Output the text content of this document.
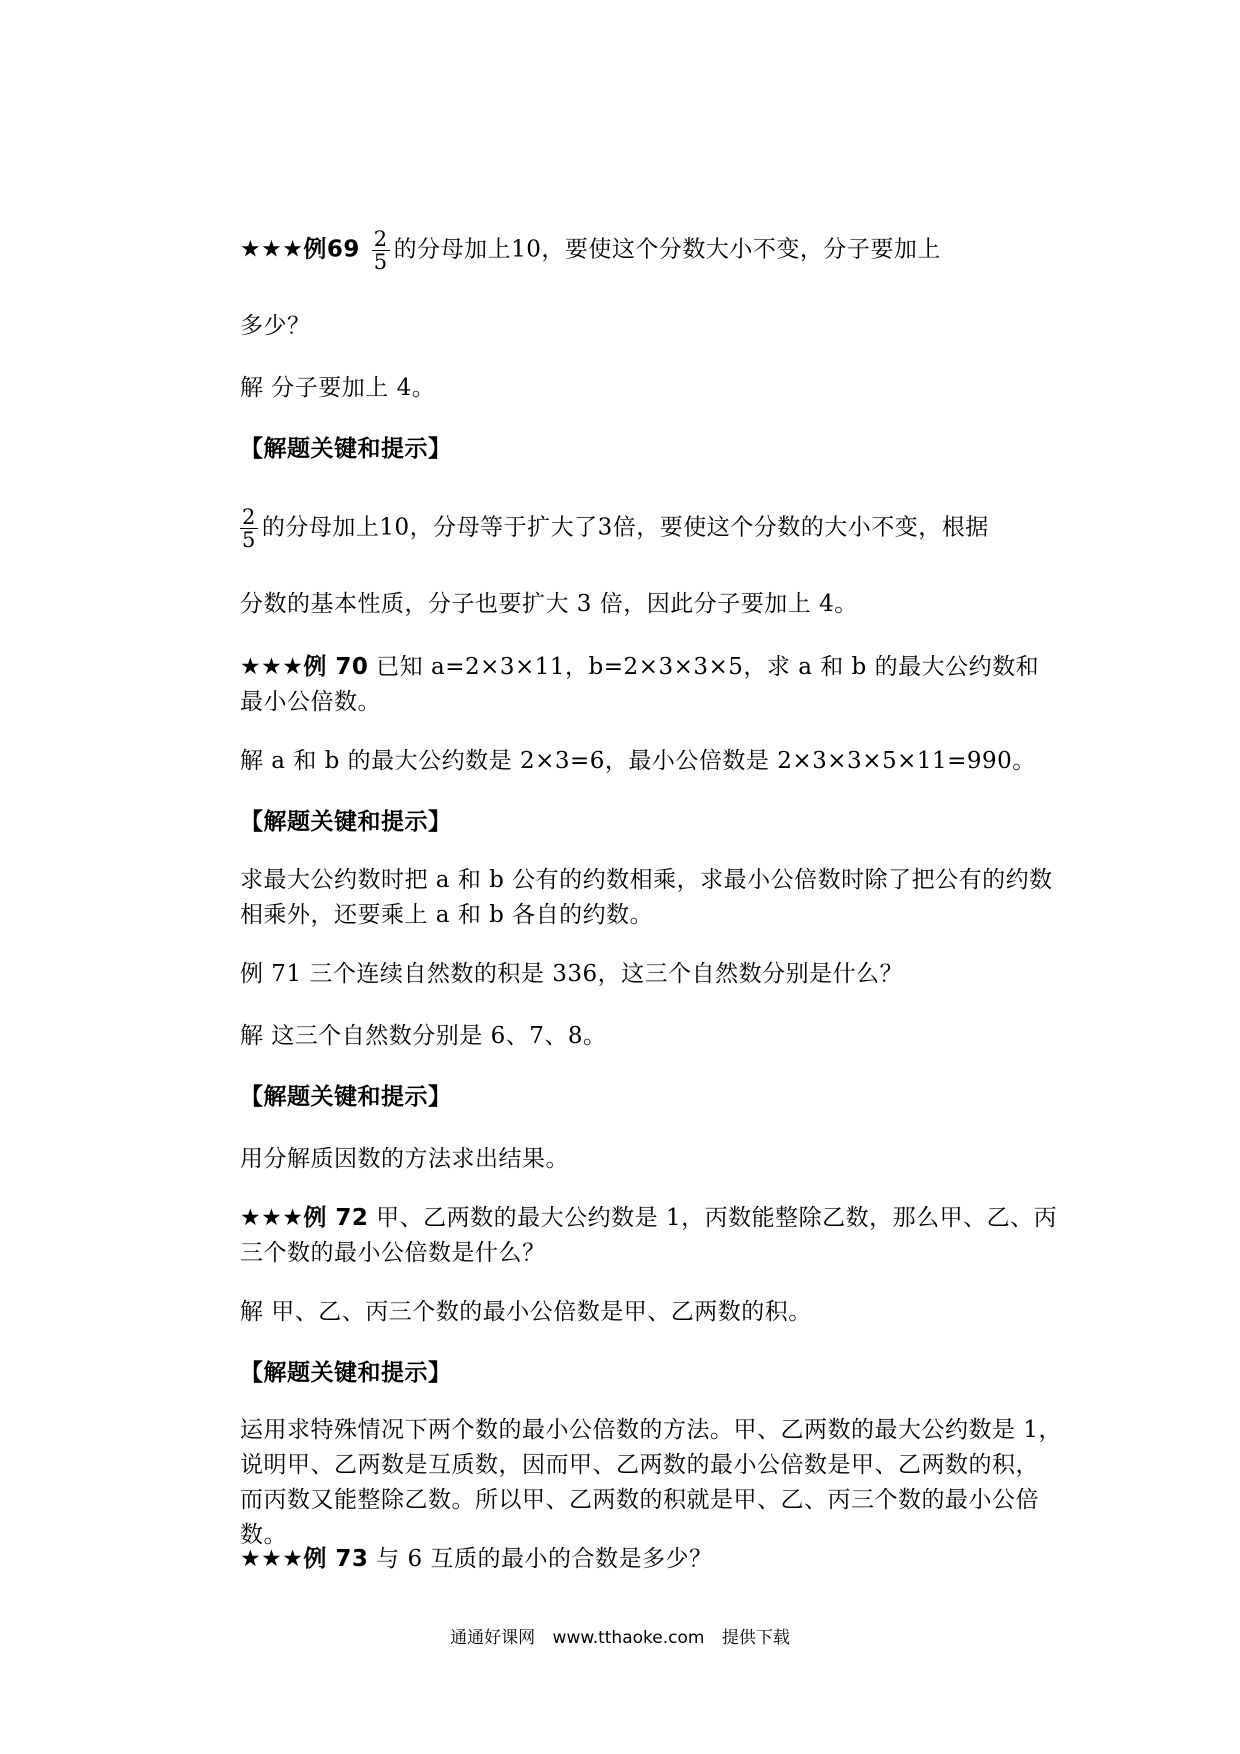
★★★例$69 \frac{2}{5}$ 的分母加上10，要使这个分数大小不变，分子要加上
多少？
解 分子要加上 4。
【解题关键和提示】
$\frac{2}{5}$ 的分母加上10，分母等于扩大了3倍，要使这个分数的大小不变，根据
分数的基本性质，分子也要扩大 3 倍，因此分子要加上 4。
★★★例 70 已知 a=2×3×11，b=2×3×3×5，求 a 和 b 的最大公约数和最小公倍数。
解 a 和 b 的最大公约数是 2×3=6，最小公倍数是 2×3×3×5×11=990。
【解题关键和提示】
求最大公约数时把 a 和 b 公有的约数相乘，求最小公倍数时除了把公有的约数相乘外，还要乘上 a 和 b 各自的约数。
例 71 三个连续自然数的积是 336，这三个自然数分别是什么？
解 这三个自然数分别是 6、7、8。
【解题关键和提示】
用分解质因数的方法求出结果。
★★★例 72 甲、乙两数的最大公约数是 1，丙数能整除乙数，那么甲、乙、丙三个数的最小公倍数是什么？
解 甲、乙、丙三个数的最小公倍数是甲、乙两数的积。
【解题关键和提示】
运用求特殊情况下两个数的最小公倍数的方法。甲、乙两数的最大公约数是 1，说明甲、乙两数是互质数，因而甲、乙两数的最小公倍数是甲、乙两数的积，而丙数又能整除乙数。所以甲、乙两数的积就是甲、乙、丙三个数的最小公倍数。
★★★例 73 与 6 互质的最小的合数是多少？
通通好课网 www.tthaoke.com 提供下载
